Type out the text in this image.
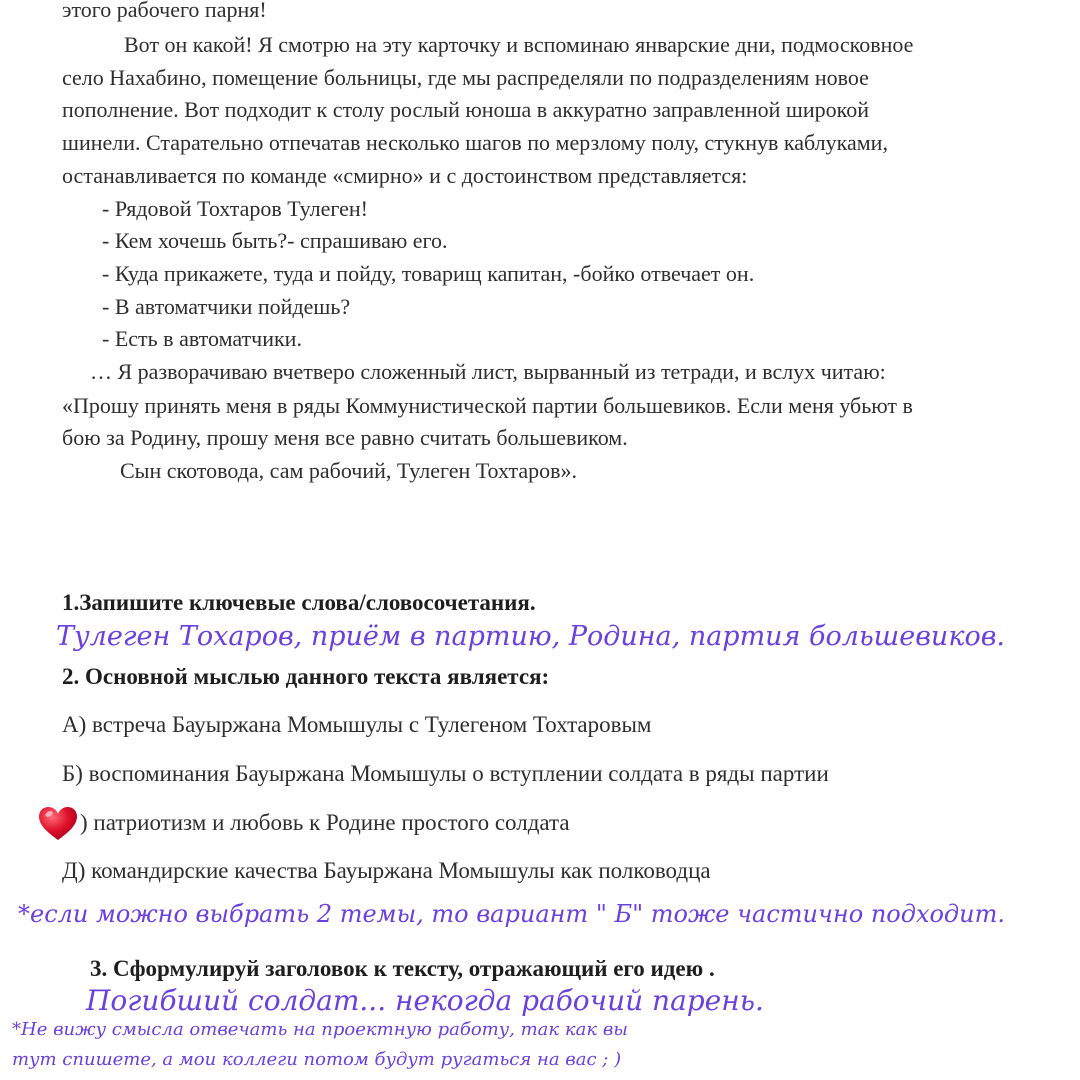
этого рабочего парня!
Вот он какой! Я смотрю на эту карточку и вспоминаю январские дни, подмосковное
село Нахабино, помещение больницы, где мы распределяли по подразделениям новое
пополнение. Вот подходит к столу рослый юноша в аккуратно заправленной широкой
шинели. Старательно отпечатав несколько шагов по мерзлому полу, стукнув каблуками,
останавливается по команде «смирно» и с достоинством представляется:
- Рядовой Тохтаров Тулеген!
- Кем хочешь быть?- спрашиваю его.
- Куда прикажете, туда и пойду, товарищ капитан, -бойко отвечает он.
- В автоматчики пойдешь?
- Есть в автоматчики.
… Я разворачиваю вчетверо сложенный лист, вырванный из тетради, и вслух читаю:
«Прошу принять меня в ряды Коммунистической партии большевиков. Если меня убьют в
бою за Родину, прошу меня все равно считать большевиком.
Сын скотовода, сам рабочий, Тулеген Тохтаров».
1.Запишите ключевые слова/словосочетания.
Тулеген Тохаров, приём в партию, Родина, партия большевиков.
2. Основной мыслью данного текста является:
А) встреча Бауыржана Момышулы с Тулегеном Тохтаровым
Б) воспоминания Бауыржана Момышулы о вступлении солдата в ряды партии
) патриотизм и любовь к Родине простого солдата
Д) командирские качества Бауыржана Момышулы как полководца
*если можно выбрать 2 темы, то вариант " Б" тоже частично подходит.
3. Сформулируй заголовок к тексту, отражающий его идею .
Погибший солдат... некогда рабочий парень.
*Не вижу смысла отвечать на проектную работу, так как вы
тут спишете, а мои коллеги потом будут ругаться на вас ; )
